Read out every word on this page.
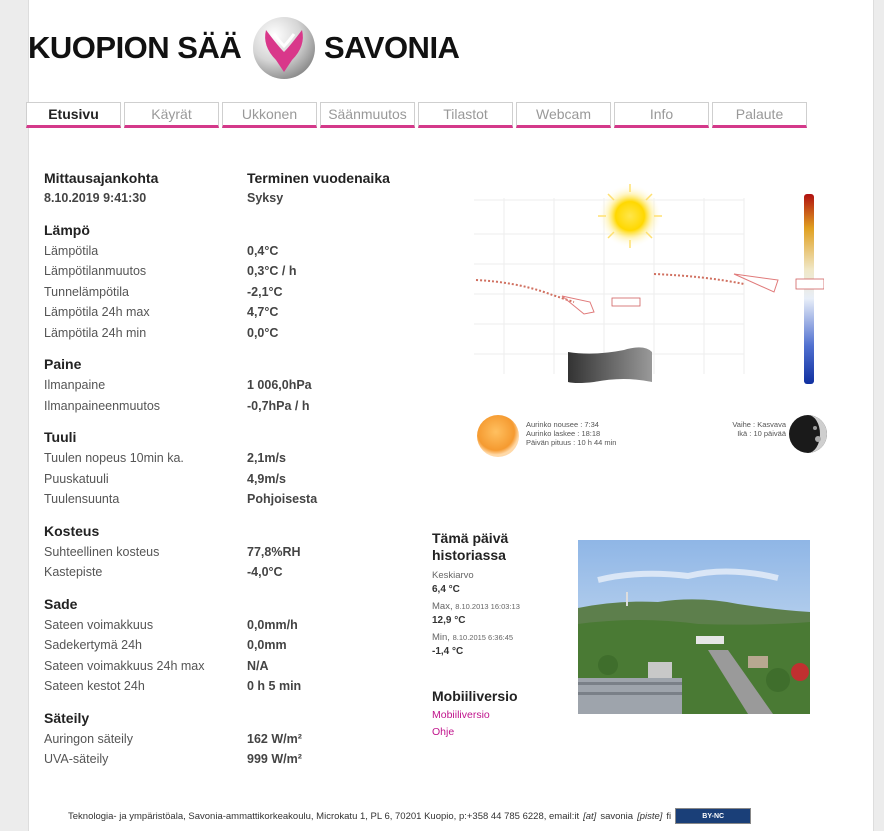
KUOPION SÄÄ	SAVONIA
Etusivu	Käyrät	Ukkonen	Säänmuutos	Tilastot	Webcam	Info	Palaute
Mittausajankohta	Terminen vuodenaika
8.10.2019 9:41:30	Syksy
Lämpö
Lämpötila	0,4°C
Lämpötilanmuutos	0,3°C / h
Tunnelämpötila	-2,1°C
Lämpötila 24h max	4,7°C
Lämpötila 24h min	0,0°C
Paine
Ilmanpaine	1 006,0hPa
Ilmanpaineenmuutos	-0,7hPa / h
Tuuli
Tuulen nopeus 10min ka.	2,1m/s
Puuskatuuli	4,9m/s
Tuulensuunta	Pohjoisesta
Kosteus
Suhteellinen kosteus	77,8%RH
Kastepiste	-4,0°C
Sade
Sateen voimakkuus	0,0mm/h
Sadekertymä 24h	0,0mm
Sateen voimakkuus 24h max	N/A
Sateen kestot 24h	0 h 5 min
Säteily
Auringon säteily	162 W/m²
UVA-säteily	999 W/m²
Aurinko nousee : 7:34
Aurinko laskee : 18:18
Päivän pituus : 10 h 44 min
Vaihe : Kasvava
Ikä : 10 päivää
Tämä päivä historiassa
Keskiarvo
6,4 °C
Max, 8.10.2013 16:03:13
12,9 °C
Min, 8.10.2015 6:36:45
-1,4 °C
Mobiiliversio
Mobiiliversio
Ohje
Teknologia- ja ympäristöala, Savonia-ammattikorkeakoulu, Microkatu 1, PL 6, 70201 Kuopio, p:+358 44 785 6228, email:it [at] savonia [piste] fi	BY-NC
